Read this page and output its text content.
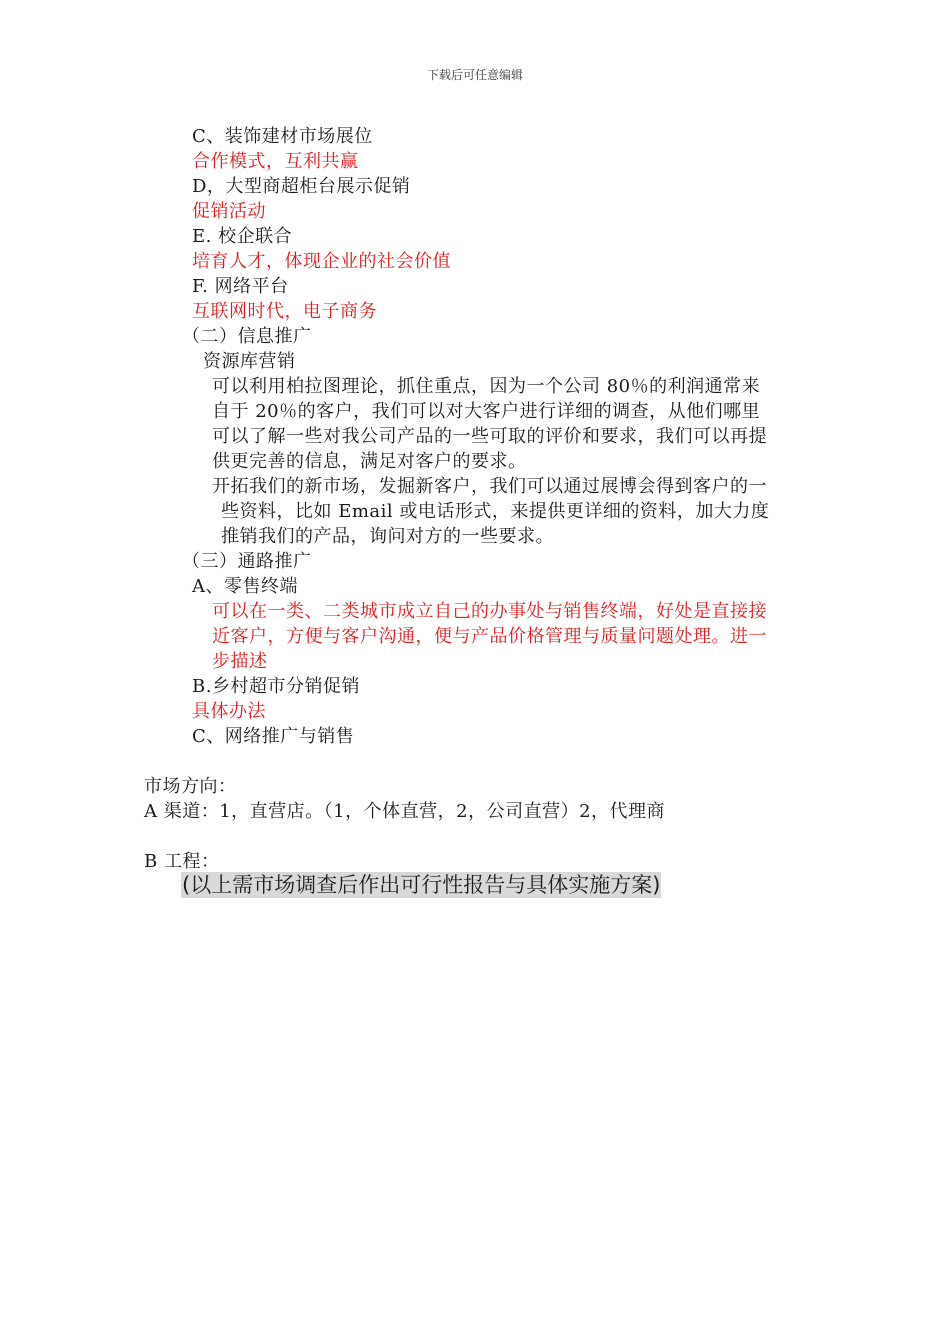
下载后可任意编辑
C、装饰建材市场展位
合作模式，互利共赢
D，大型商超柜台展示促销
促销活动
E. 校企联合
培育人才，体现企业的社会价值
F. 网络平台
互联网时代，电子商务
（二）信息推广
资源库营销
可以利用柏拉图理论，抓住重点，因为一个公司 80％的利润通常来
自于 20％的客户，我们可以对大客户进行详细的调查，从他们哪里
可以了解一些对我公司产品的一些可取的评价和要求，我们可以再提
供更完善的信息，满足对客户的要求。
开拓我们的新市场，发掘新客户，我们可以通过展博会得到客户的一
些资料，比如 Email 或电话形式，来提供更详细的资料，加大力度
推销我们的产品，询问对方的一些要求。
（三）通路推广
A、零售终端
可以在一类、二类城市成立自己的办事处与销售终端，好处是直接接
近客户，方便与客户沟通，便与产品价格管理与质量问题处理。进一
步描述
B.乡村超市分销促销
具体办法
C、网络推广与销售
市场方向：
A 渠道：1，直营店。（1，个体直营，2，公司直营）2，代理商
B 工程：
(以上需市场调查后作出可行性报告与具体实施方案)
